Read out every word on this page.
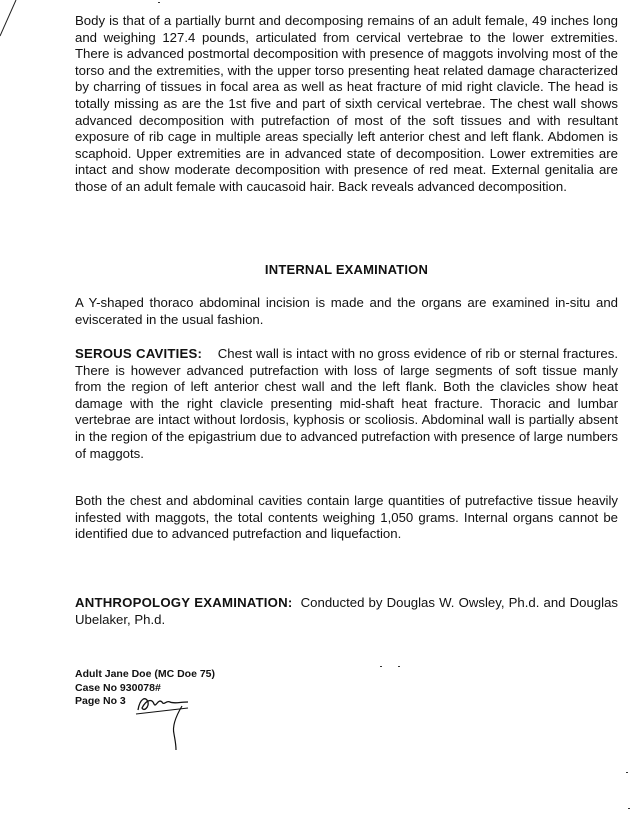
Body is that of a partially burnt and decomposing remains of an adult female, 49 inches long and weighing 127.4 pounds, articulated from cervical vertebrae to the lower extremities. There is advanced postmortal decomposition with presence of maggots involving most of the torso and the extremities, with the upper torso presenting heat related damage characterized by charring of tissues in focal area as well as heat fracture of mid right clavicle. The head is totally missing as are the 1st five and part of sixth cervical vertebrae. The chest wall shows advanced decomposition with putrefaction of most of the soft tissues and with resultant exposure of rib cage in multiple areas specially left anterior chest and left flank. Abdomen is scaphoid. Upper extremities are in advanced state of decomposition. Lower extremities are intact and show moderate decomposition with presence of red meat. External genitalia are those of an adult female with caucasoid hair. Back reveals advanced decomposition.

INTERNAL EXAMINATION

A Y-shaped thoraco abdominal incision is made and the organs are examined in-situ and eviscerated in the usual fashion.

SEROUS CAVITIES: Chest wall is intact with no gross evidence of rib or sternal fractures. There is however advanced putrefaction with loss of large segments of soft tissue manly from the region of left anterior chest wall and the left flank. Both the clavicles show heat damage with the right clavicle presenting mid-shaft heat fracture. Thoracic and lumbar vertebrae are intact without lordosis, kyphosis or scoliosis. Abdominal wall is partially absent in the region of the epigastrium due to advanced putrefaction with presence of large numbers of maggots.

Both the chest and abdominal cavities contain large quantities of putrefactive tissue heavily infested with maggots, the total contents weighing 1,050 grams. Internal organs cannot be identified due to advanced putrefaction and liquefaction.

ANTHROPOLOGY EXAMINATION: Conducted by Douglas W. Owsley, Ph.d. and Douglas Ubelaker, Ph.d.

Adult Jane Doe (MC Doe 75)
Case No 930078#
Page No 3
